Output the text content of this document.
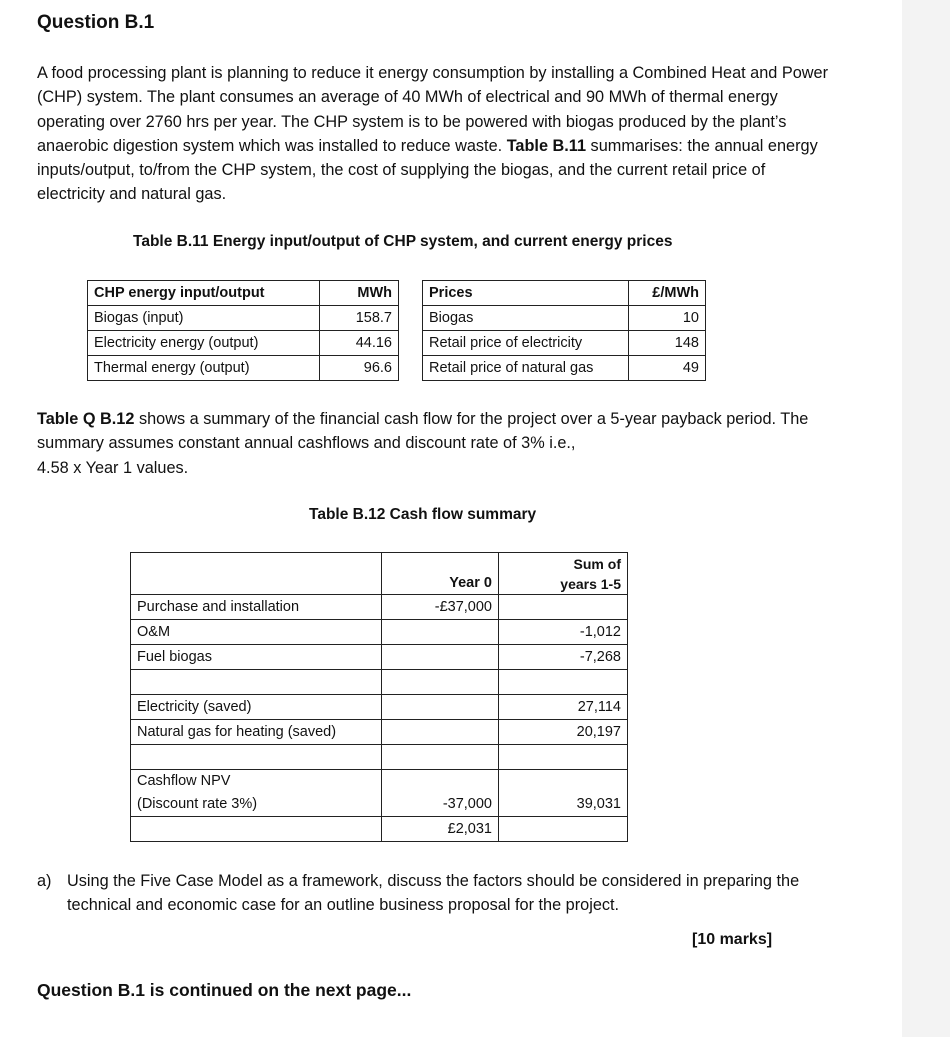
Question B.1

A food processing plant is planning to reduce it energy consumption by installing a Combined Heat and Power (CHP) system. The plant consumes an average of 40 MWh of electrical and 90 MWh of thermal energy operating over 2760 hrs per year. The CHP system is to be powered with biogas produced by the plant’s anaerobic digestion system which was installed to reduce waste. Table B.11 summarises: the annual energy inputs/output, to/from the CHP system, the cost of supplying the biogas, and the current retail price of electricity and natural gas.

Table B.11 Energy input/output of CHP system, and current energy prices
CHP energy input/output	MWh
Biogas (input)	158.7
Electricity energy (output)	44.16
Thermal energy (output)	96.6
Prices	£/MWh
Biogas	10
Retail price of electricity	148
Retail price of natural gas	49

Table Q B.12 shows a summary of the financial cash flow for the project over a 5-year payback period. The summary assumes constant annual cashflows and discount rate of 3% i.e.,
4.58 x Year 1 values.

Table B.12 Cash flow summary
	Year 0	Sum of years 1-5
Purchase and installation	-£37,000	
O&M		-1,012
Fuel biogas		-7,268

Electricity (saved)		27,114
Natural gas for heating (saved)		20,197

Cashflow NPV		
(Discount rate 3%)	-37,000	39,031
	£2,031	
a) Using the Five Case Model as a framework, discuss the factors should be considered in preparing the technical and economic case for an outline business proposal for the project.
[10 marks]
Question B.1 is continued on the next page...
